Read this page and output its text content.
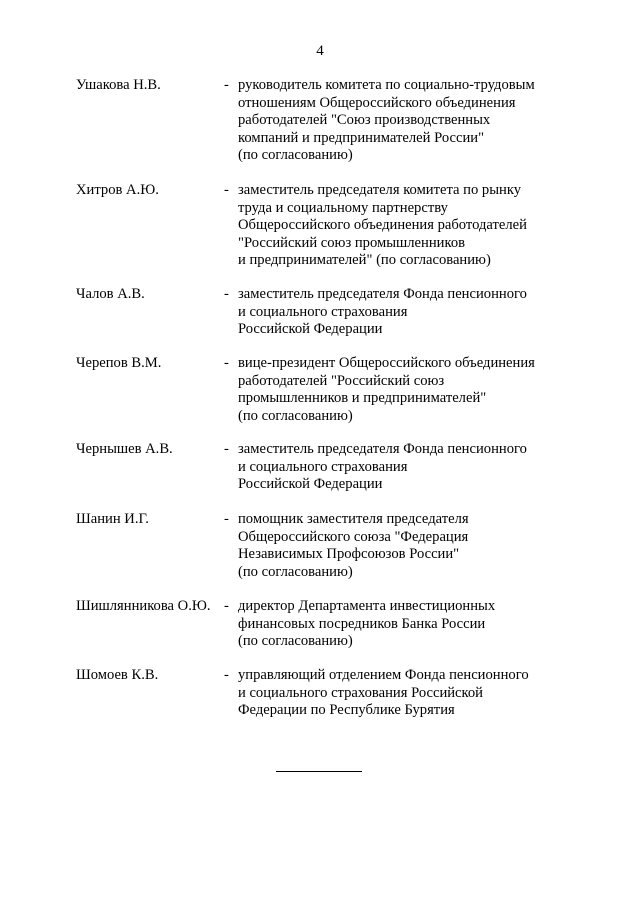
4
Ушакова Н.В.	- руководитель комитета по социально-трудовым
отношениям Общероссийского объединения
работодателей "Союз производственных
компаний и предпринимателей России"
(по согласованию)
Хитров А.Ю.	- заместитель председателя комитета по рынку
труда и социальному партнерству
Общероссийского объединения работодателей
"Российский союз промышленников
и предпринимателей" (по согласованию)
Чалов А.В.	- заместитель председателя Фонда пенсионного
и социального страхования
Российской Федерации
Черепов В.М.	- вице-президент Общероссийского объединения
работодателей "Российский союз
промышленников и предпринимателей"
(по согласованию)
Чернышев А.В.	- заместитель председателя Фонда пенсионного
и социального страхования
Российской Федерации
Шанин И.Г.	- помощник заместителя председателя
Общероссийского союза "Федерация
Независимых Профсоюзов России"
(по согласованию)
Шишлянникова О.Ю. - директор Департамента инвестиционных
финансовых посредников Банка России
(по согласованию)
Шомоев К.В.	- управляющий отделением Фонда пенсионного
и социального страхования Российской
Федерации по Республике Бурятия
